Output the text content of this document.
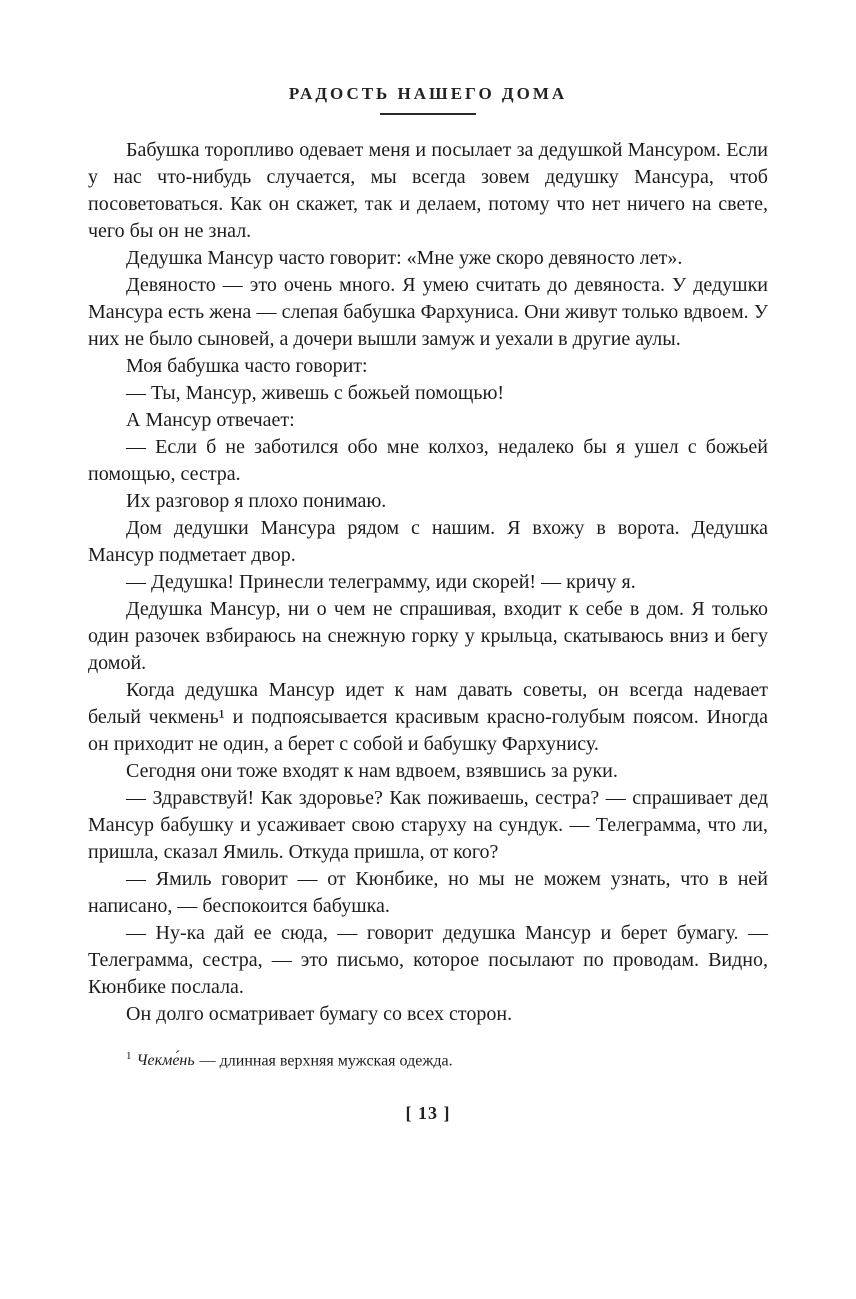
РАДОСТЬ НАШЕГО ДОМА

Бабушка торопливо одевает меня и посылает за дедушкой Мансуром. Если у нас что-нибудь случается, мы всегда зовем дедушку Мансура, чтоб посоветоваться. Как он скажет, так и делаем, потому что нет ничего на свете, чего бы он не знал.

Дедушка Мансур часто говорит: «Мне уже скоро девяносто лет».

Девяносто — это очень много. Я умею считать до девяноста. У дедушки Мансура есть жена — слепая бабушка Фархуниса. Они живут только вдвоем. У них не было сыновей, а дочери вышли замуж и уехали в другие аулы.

Моя бабушка часто говорит:

— Ты, Мансур, живешь с божьей помощью!

А Мансур отвечает:

— Если б не заботился обо мне колхоз, недалеко бы я ушел с божьей помощью, сестра.

Их разговор я плохо понимаю.

Дом дедушки Мансура рядом с нашим. Я вхожу в ворота. Дедушка Мансур подметает двор.

— Дедушка! Принесли телеграмму, иди скорей! — кричу я.

Дедушка Мансур, ни о чем не спрашивая, входит к себе в дом. Я только один разочек взбираюсь на снежную горку у крыльца, скатываюсь вниз и бегу домой.

Когда дедушка Мансур идет к нам давать советы, он всегда надевает белый чекмень¹ и подпоясывается красивым красно-голубым поясом. Иногда он приходит не один, а берет с собой и бабушку Фархунису.

Сегодня они тоже входят к нам вдвоем, взявшись за руки.

— Здравствуй! Как здоровье? Как поживаешь, сестра? — спрашивает дед Мансур бабушку и усаживает свою старуху на сундук. — Телеграмма, что ли, пришла, сказал Ямиль. Откуда пришла, от кого?

— Ямиль говорит — от Кюнбике, но мы не можем узнать, что в ней написано, — беспокоится бабушка.

— Ну-ка дай ее сюда, — говорит дедушка Мансур и берет бумагу. — Телеграмма, сестра, — это письмо, которое посылают по проводам. Видно, Кюнбике послала.

Он долго осматривает бумагу со всех сторон.

$^1$ Чекме́нь — длинная верхняя мужская одежда.
[ 13 ]
